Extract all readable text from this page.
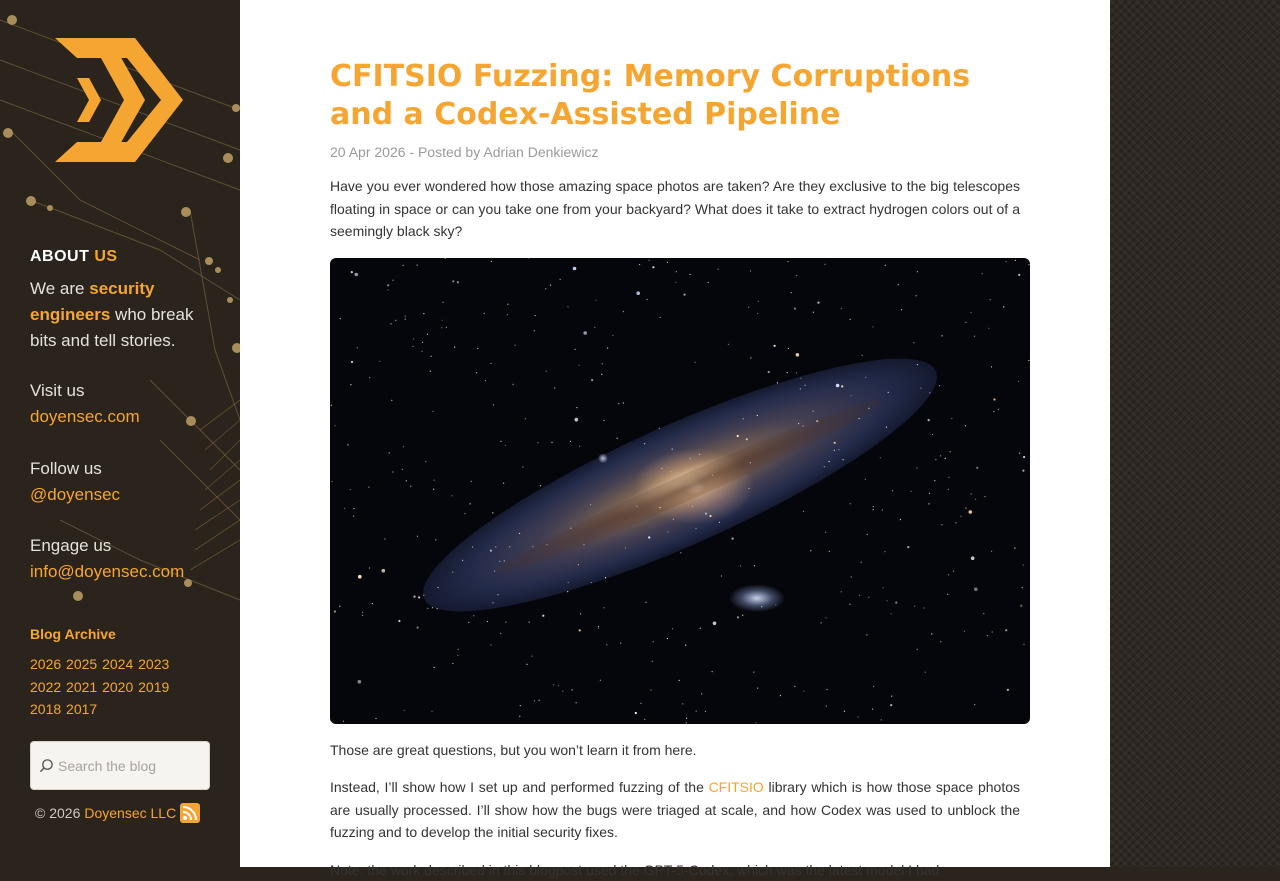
ABOUT US
We are security engineers who break bits and tell stories.
Visit us
doyensec.com
Follow us
@doyensec
Engage us
info@doyensec.com
Blog Archive
2026 2025 2024 2023 2022 2021 2020 2019 2018 2017
Search the blog
© 2026 Doyensec LLC
CFITSIO Fuzzing: Memory Corruptions and a Codex-Assisted Pipeline
20 Apr 2026 - Posted by Adrian Denkiewicz

Have you ever wondered how those amazing space photos are taken? Are they exclusive to the big telescopes floating in space or can you take one from your backyard? What does it take to extract hydrogen colors out of a seemingly black sky?

Those are great questions, but you won’t learn it from here.

Instead, I’ll show how I set up and performed fuzzing of the CFITSIO library which is how those space photos are usually processed. I’ll show how the bugs were triaged at scale, and how Codex was used to unblock the fuzzing and to develop the initial security fixes.

Note: the work described in this blogpost used the GPT-5-Codex, which was the latest model I had
